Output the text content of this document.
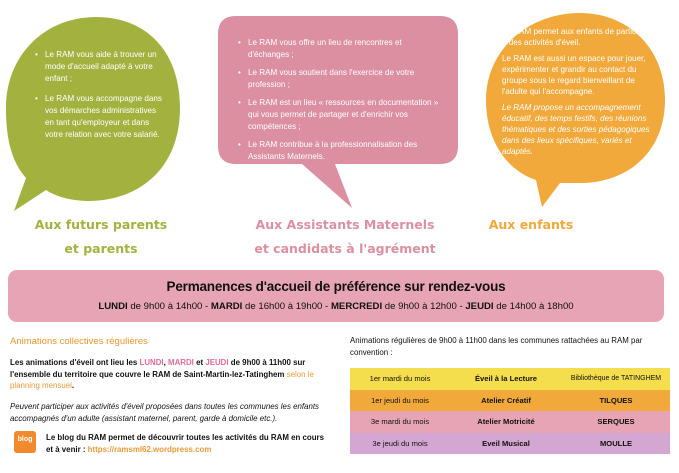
• Le RAM vous aide à trouver un mode d'accueil adapté à votre enfant ;
• Le RAM vous accompagne dans vos démarches administratives en tant qu'employeur et dans votre relation avec votre salarié.
• Le RAM vous offre un lieu de rencontres et d'échanges ;
• Le RAM vous soutient dans l'exercice de votre profession ;
• Le RAM est un lieu « ressources en documentation » qui vous permet de partager et d'enrichir vos compétences ;
• Le RAM contribue à la professionnalisation des Assistants Maternels.

Le RAM permet aux enfants de participer à des activités d'éveil.

Le RAM est aussi un espace pour jouer, expérimenter et grandir au contact du groupe sous le regard bienveillant de l'adulte qui l'accompagne.

Le RAM propose un accompagnement éducatif, des temps festifs, des réunions thématiques et des sorties pédagogiques dans des lieux spécifiques, variés et adaptés.

Aux futurs parents
et parents
Aux Assistants Maternels
et candidats à l'agrément
Aux enfants
Permanences d'accueil de préférence sur rendez-vous
LUNDI de 9h00 à 14h00 - MARDI de 16h00 à 19h00 - MERCREDI de 9h00 à 12h00 - JEUDI de 14h00 à 18h00
Animations collectives régulières
Les animations d'éveil ont lieu les LUNDI, MARDI et JEUDI de 9h00 à 11h00 sur l'ensemble du territoire que couvre le RAM de Saint-Martin-lez-Tatinghem selon le planning mensuel.
Peuvent participer aux activités d'éveil proposées dans toutes les communes les enfants accompagnés d'un adulte (assistant maternel, parent, garde à domicile etc.).
blog	Le blog du RAM permet de découvrir toutes les activités du RAM en cours et à venir : https://ramsml62.wordpress.com
Animations régulières de 9h00 à 11h00 dans les communes rattachées au RAM par convention :
1er mardi du mois	Éveil à la Lecture	Bibliothèque de TATINGHEM
1er jeudi du mois	Atelier Créatif	TILQUES
3e mardi du mois	Atelier Motricité	SERQUES
3e jeudi du mois	Eveil Musical	MOULLE
